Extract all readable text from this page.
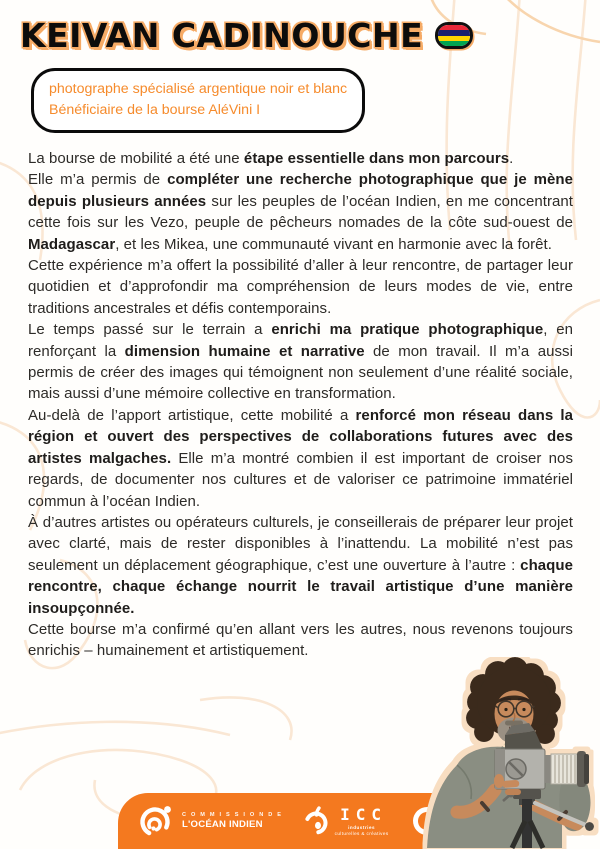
KEIVAN CADINOUCHE
photographe spécialisé argentique noir et blanc
Bénéficiaire de la bourse AléVini I

La bourse de mobilité a été une étape essentielle dans mon parcours.

Elle m’a permis de compléter une recherche photographique que je mène depuis plusieurs années sur les peuples de l’océan Indien, en me concentrant cette fois sur les Vezo, peuple de pêcheurs nomades de la côte sud-ouest de Madagascar, et les Mikea, une communauté vivant en harmonie avec la forêt.

Cette expérience m’a offert la possibilité d’aller à leur rencontre, de partager leur quotidien et d’approfondir ma compréhension de leurs modes de vie, entre traditions ancestrales et défis contemporains.

Le temps passé sur le terrain a enrichi ma pratique photographique, en renforçant la dimension humaine et narrative de mon travail. Il m’a aussi permis de créer des images qui témoignent non seulement d’une réalité sociale, mais aussi d’une mémoire collective en transformation.

Au-delà de l’apport artistique, cette mobilité a renforcé mon réseau dans la région et ouvert des perspectives de collaborations futures avec des artistes malgaches. Elle m’a montré combien il est important de croiser nos regards, de documenter nos cultures et de valoriser ce patrimoine immatériel commun à l’océan Indien.

À d’autres artistes ou opérateurs culturels, je conseillerais de préparer leur projet avec clarté, mais de rester disponibles à l’inattendu. La mobilité n’est pas seulement un déplacement géographique, c’est une ouverture à l’autre : chaque rencontre, chaque échange nourrit le travail artistique d’une manière insoupçonnée.

Cette bourse m’a confirmé qu’en allant vers les autres, nous revenons toujours enrichis – humainement et artistiquement.

C O M M I S S I O N D E
L'OCÉAN INDIEN
ICC
industries
culturelles & créatives
